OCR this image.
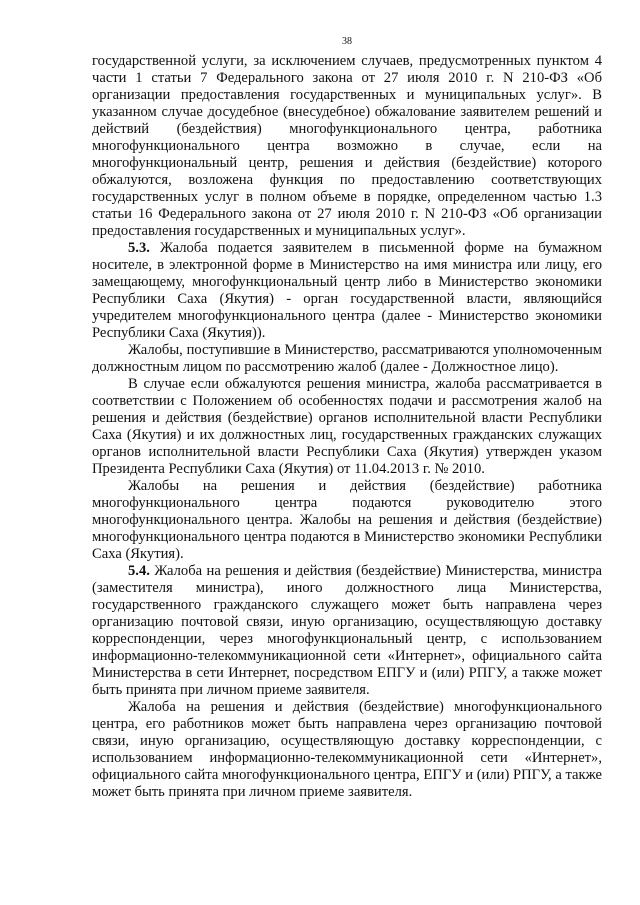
38

государственной услуги, за исключением случаев, предусмотренных пунктом 4 части 1 статьи 7 Федерального закона от 27 июля 2010 г. N 210-ФЗ «Об организации предоставления государственных и муниципальных услуг». В указанном случае досудебное (внесудебное) обжалование заявителем решений и действий (бездействия) многофункционального центра, работника многофункционального центра возможно в случае, если на многофункциональный центр, решения и действия (бездействие) которого обжалуются, возложена функция по предоставлению соответствующих государственных услуг в полном объеме в порядке, определенном частью 1.3 статьи 16 Федерального закона от 27 июля 2010 г. N 210-ФЗ «Об организации предоставления государственных и муниципальных услуг».

5.3. Жалоба подается заявителем в письменной форме на бумажном носителе, в электронной форме в Министерство на имя министра или лицу, его замещающему, многофункциональный центр либо в Министерство экономики Республики Саха (Якутия) - орган государственной власти, являющийся учредителем многофункционального центра (далее - Министерство экономики Республики Саха (Якутия)).

Жалобы, поступившие в Министерство, рассматриваются уполномоченным должностным лицом по рассмотрению жалоб (далее - Должностное лицо).

В случае если обжалуются решения министра, жалоба рассматривается в соответствии с Положением об особенностях подачи и рассмотрения жалоб на решения и действия (бездействие) органов исполнительной власти Республики Саха (Якутия) и их должностных лиц, государственных гражданских служащих органов исполнительной власти Республики Саха (Якутия) утвержден указом Президента Республики Саха (Якутия) от 11.04.2013 г. № 2010.

Жалобы на решения и действия (бездействие) работника многофункционального центра подаются руководителю этого многофункционального центра. Жалобы на решения и действия (бездействие) многофункционального центра подаются в Министерство экономики Республики Саха (Якутия).

5.4. Жалоба на решения и действия (бездействие) Министерства, министра (заместителя министра), иного должностного лица Министерства, государственного гражданского служащего может быть направлена через организацию почтовой связи, иную организацию, осуществляющую доставку корреспонденции, через многофункциональный центр, с использованием информационно-телекоммуникационной сети «Интернет», официального сайта Министерства в сети Интернет, посредством ЕПГУ и (или) РПГУ, а также может быть принята при личном приеме заявителя.

Жалоба на решения и действия (бездействие) многофункционального центра, его работников может быть направлена через организацию почтовой связи, иную организацию, осуществляющую доставку корреспонденции, с использованием информационно-телекоммуникационной сети «Интернет», официального сайта многофункционального центра, ЕПГУ и (или) РПГУ, а также может быть принята при личном приеме заявителя.
